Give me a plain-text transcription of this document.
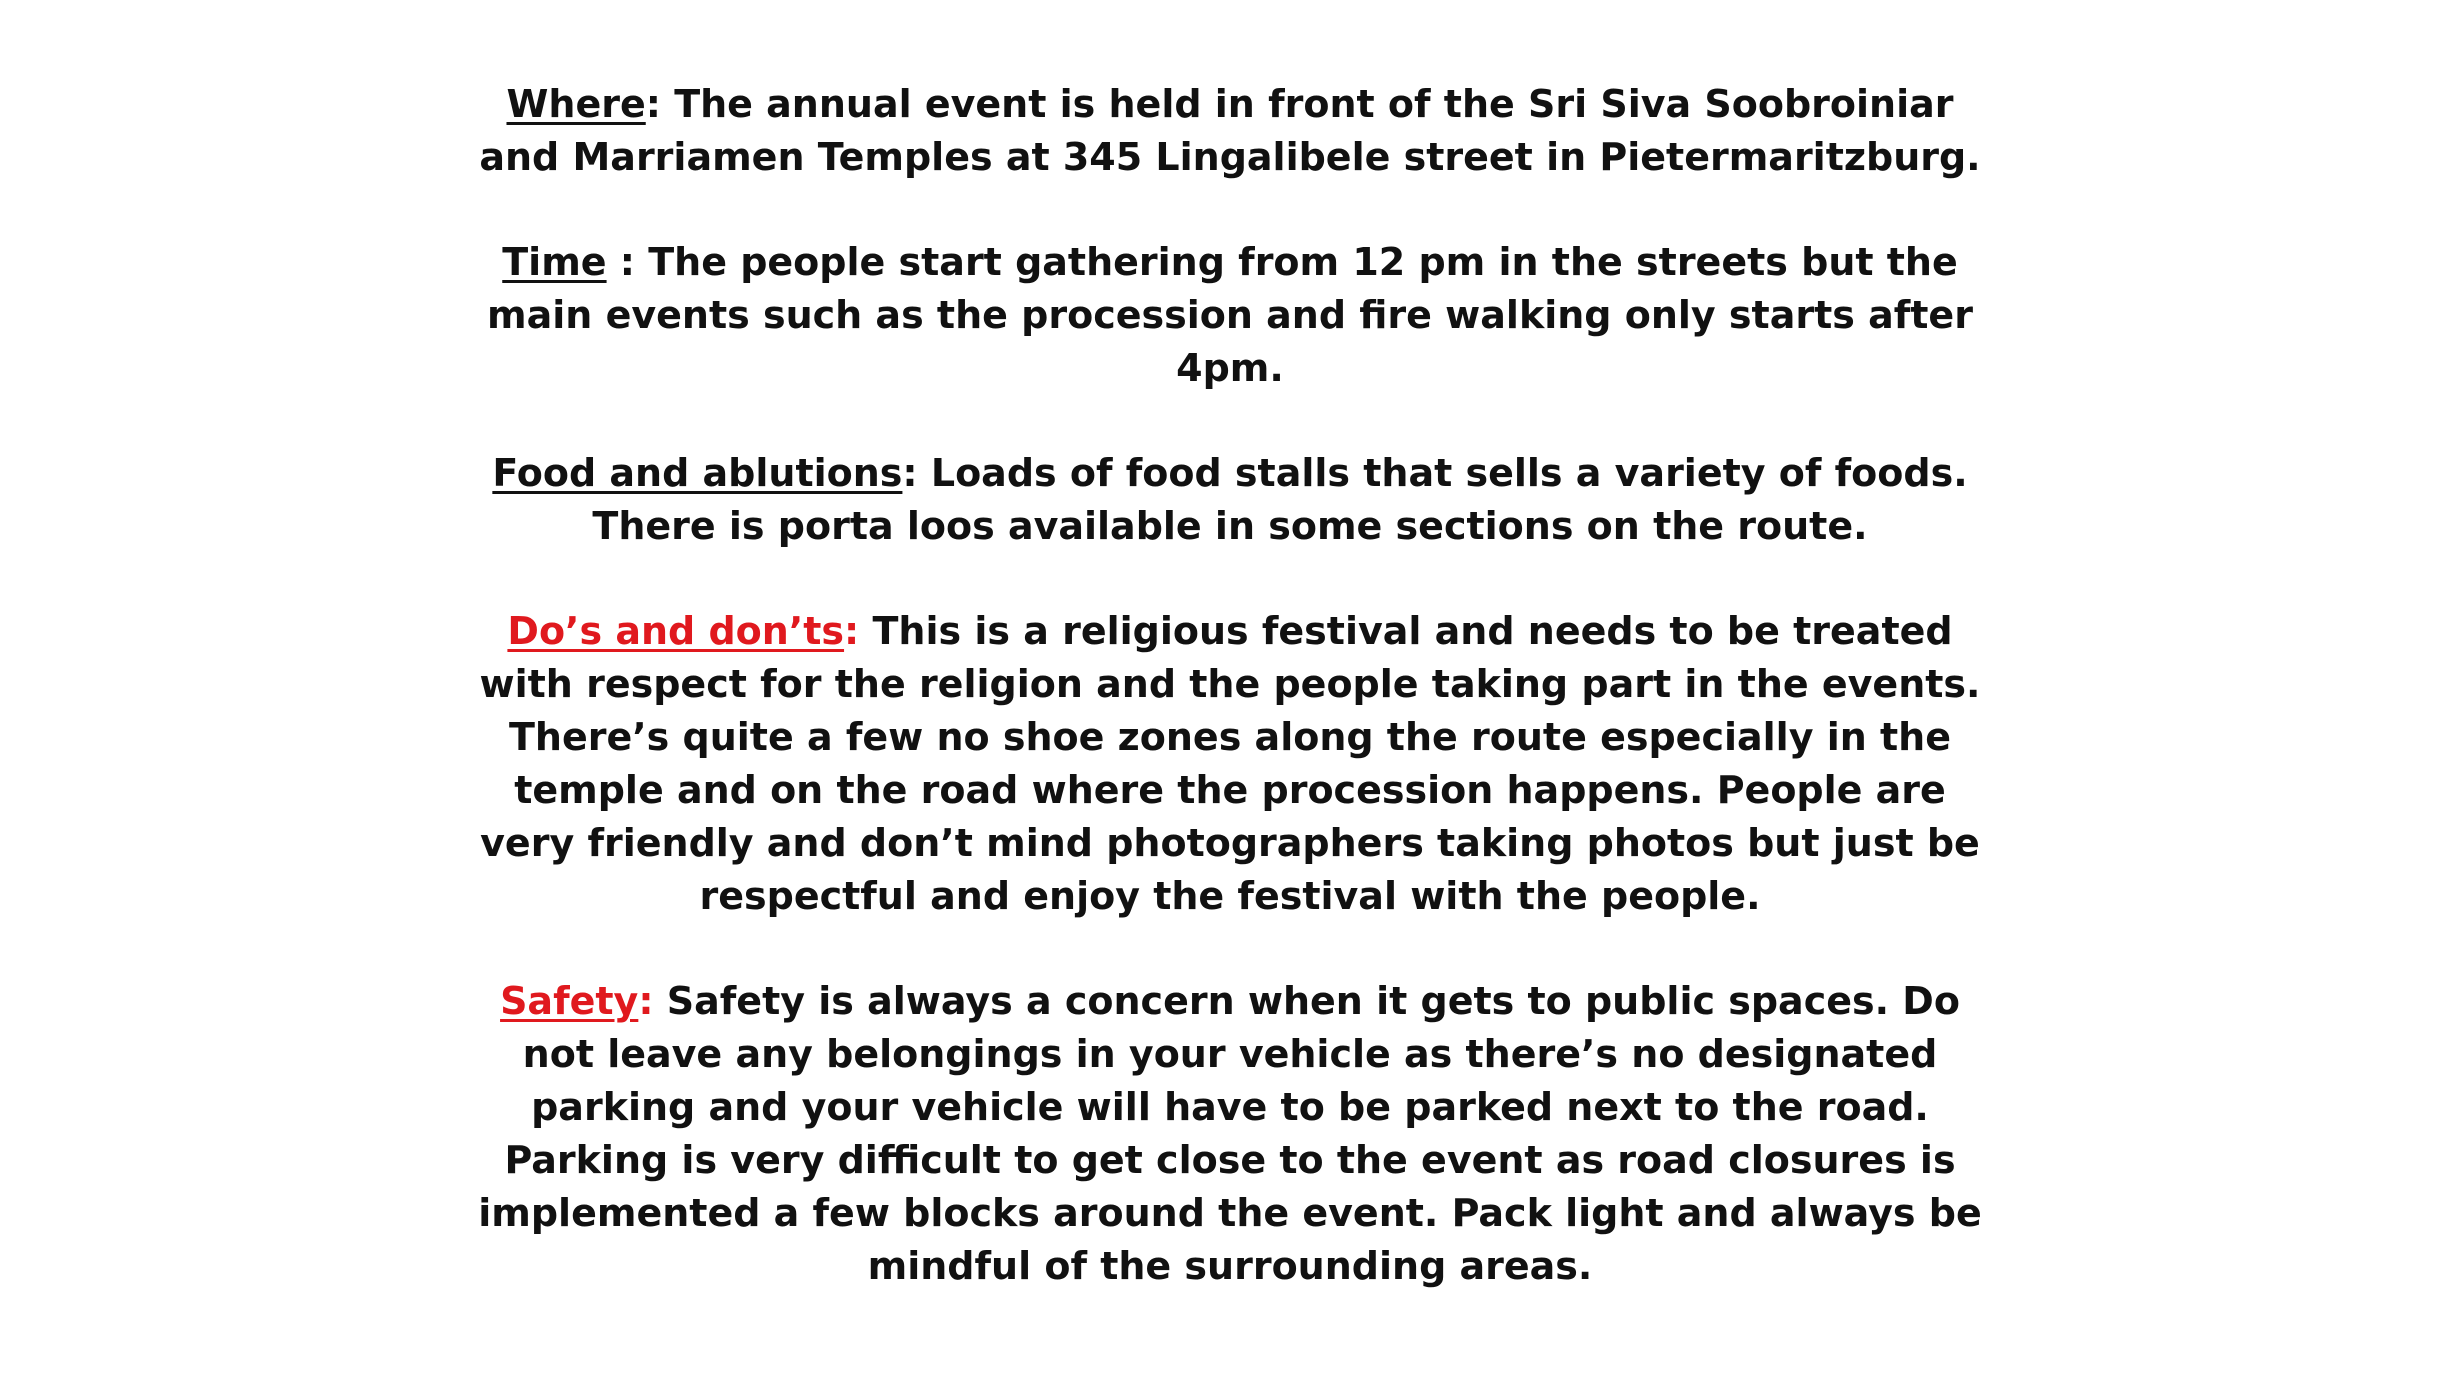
Where: The annual event is held in front of the Sri Siva Soobroiniar and Marriamen Temples at 345 Lingalibele street in Pietermaritzburg.

Time : The people start gathering from 12 pm in the streets but the main events such as the procession and fire walking only starts after 4pm.

Food and ablutions: Loads of food stalls that sells a variety of foods. There is porta loos available in some sections on the route.

Do’s and don’ts: This is a religious festival and needs to be treated with respect for the religion and the people taking part in the events. There’s quite a few no shoe zones along the route especially in the temple and on the road where the procession happens. People are very friendly and don’t mind photographers taking photos but just be respectful and enjoy the festival with the people.

Safety: Safety is always a concern when it gets to public spaces. Do not leave any belongings in your vehicle as there’s no designated parking and your vehicle will have to be parked next to the road. Parking is very difficult to get close to the event as road closures is implemented a few blocks around the event. Pack light and always be mindful of the surrounding areas.
